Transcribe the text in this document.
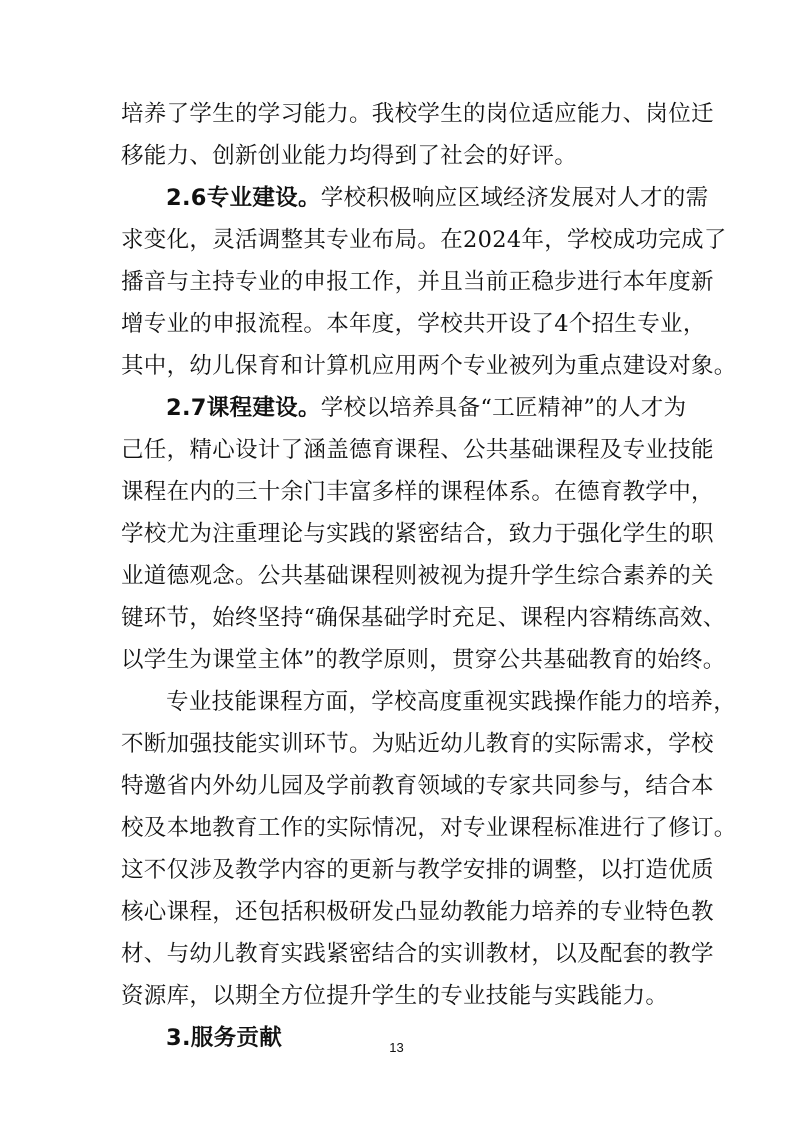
培养了学生的学习能力。我校学生的岗位适应能力、岗位迁
移能力、创新创业能力均得到了社会的好评。
2.6专业建设。学校积极响应区域经济发展对人才的需
求变化，灵活调整其专业布局。在2024年，学校成功完成了
播音与主持专业的申报工作，并且当前正稳步进行本年度新
增专业的申报流程。本年度，学校共开设了4个招生专业，
其中，幼儿保育和计算机应用两个专业被列为重点建设对象。
2.7课程建设。学校以培养具备“工匠精神”的人才为
己任，精心设计了涵盖德育课程、公共基础课程及专业技能
课程在内的三十余门丰富多样的课程体系。在德育教学中，
学校尤为注重理论与实践的紧密结合，致力于强化学生的职
业道德观念。公共基础课程则被视为提升学生综合素养的关
键环节，始终坚持“确保基础学时充足、课程内容精练高效、
以学生为课堂主体”的教学原则，贯穿公共基础教育的始终。
专业技能课程方面，学校高度重视实践操作能力的培养，
不断加强技能实训环节。为贴近幼儿教育的实际需求，学校
特邀省内外幼儿园及学前教育领域的专家共同参与，结合本
校及本地教育工作的实际情况，对专业课程标准进行了修订。
这不仅涉及教学内容的更新与教学安排的调整，以打造优质
核心课程，还包括积极研发凸显幼教能力培养的专业特色教
材、与幼儿教育实践紧密结合的实训教材，以及配套的教学
资源库，以期全方位提升学生的专业技能与实践能力。
3.服务贡献	13
